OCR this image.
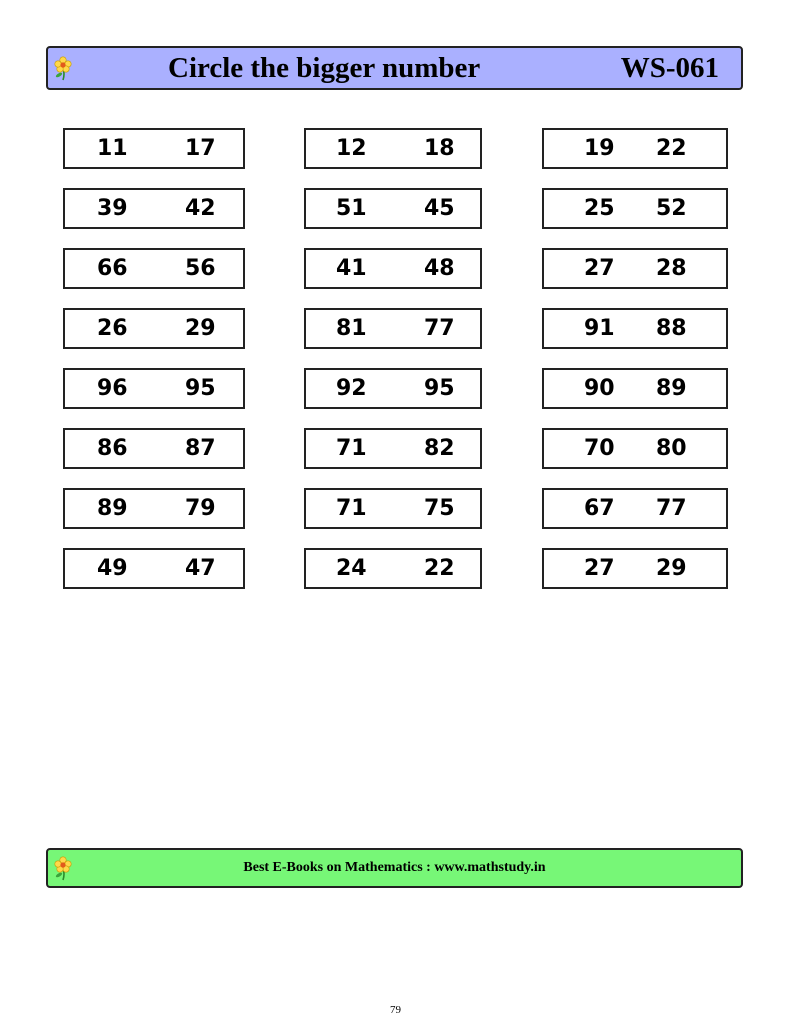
Circle the bigger number	WS-061
11	17
39	42
66	56
26	29
96	95
86	87
89	79
49	47
12	18
51	45
41	48
81	77
92	95
71	82
71	75
24	22
19 22
25 52
27 28
91 88
90 89
70 80
67 77
27 29
Best E-Books on Mathematics : www.mathstudy.in
79
